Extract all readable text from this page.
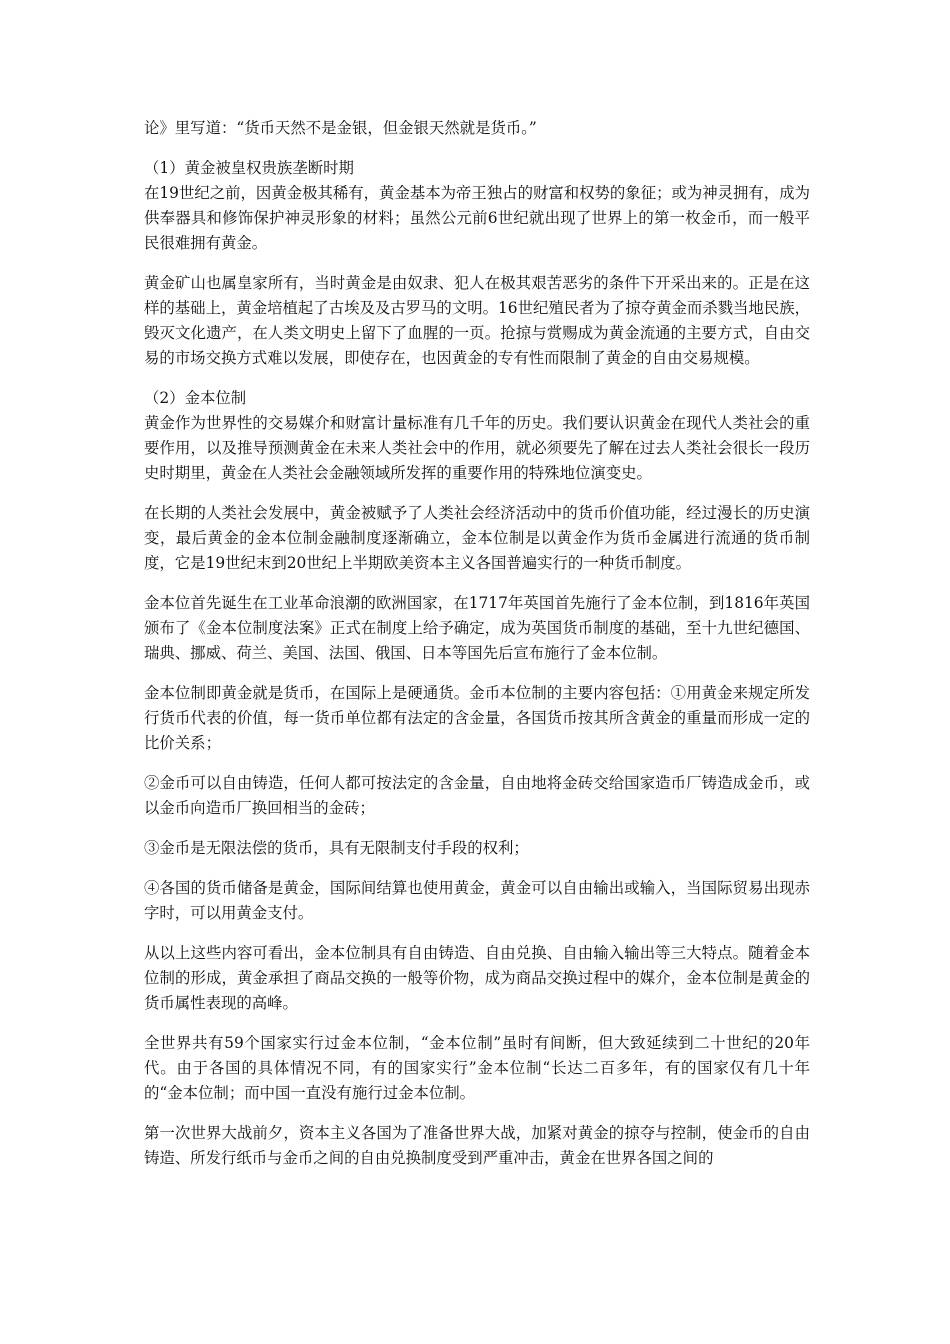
论》里写道：“货币天然不是金银，但金银天然就是货币。”

（1）黄金被皇权贵族垄断时期

在19世纪之前，因黄金极其稀有，黄金基本为帝王独占的财富和权势的象征；或为神灵拥有，成为供奉器具和修饰保护神灵形象的材料；虽然公元前6世纪就出现了世界上的第一枚金币，而一般平民很难拥有黄金。

黄金矿山也属皇家所有，当时黄金是由奴隶、犯人在极其艰苦恶劣的条件下开采出来的。正是在这样的基础上，黄金培植起了古埃及及古罗马的文明。16世纪殖民者为了掠夺黄金而杀戮当地民族，毁灭文化遗产，在人类文明史上留下了血腥的一页。抢掠与赏赐成为黄金流通的主要方式，自由交易的市场交换方式难以发展，即使存在，也因黄金的专有性而限制了黄金的自由交易规模。

（2）金本位制

黄金作为世界性的交易媒介和财富计量标准有几千年的历史。我们要认识黄金在现代人类社会的重要作用，以及推导预测黄金在未来人类社会中的作用，就必须要先了解在过去人类社会很长一段历史时期里，黄金在人类社会金融领域所发挥的重要作用的特殊地位演变史。

在长期的人类社会发展中，黄金被赋予了人类社会经济活动中的货币价值功能，经过漫长的历史演变，最后黄金的金本位制金融制度逐渐确立，金本位制是以黄金作为货币金属进行流通的货币制度，它是19世纪末到20世纪上半期欧美资本主义各国普遍实行的一种货币制度。

金本位首先诞生在工业革命浪潮的欧洲国家，在1717年英国首先施行了金本位制，到1816年英国颁布了《金本位制度法案》正式在制度上给予确定，成为英国货币制度的基础，至十九世纪德国、瑞典、挪威、荷兰、美国、法国、俄国、日本等国先后宣布施行了金本位制。

金本位制即黄金就是货币，在国际上是硬通货。金币本位制的主要内容包括：①用黄金来规定所发行货币代表的价值，每一货币单位都有法定的含金量，各国货币按其所含黄金的重量而形成一定的比价关系；

②金币可以自由铸造，任何人都可按法定的含金量，自由地将金砖交给国家造币厂铸造成金币，或以金币向造币厂换回相当的金砖；

③金币是无限法偿的货币，具有无限制支付手段的权利；

④各国的货币储备是黄金，国际间结算也使用黄金，黄金可以自由输出或输入，当国际贸易出现赤字时，可以用黄金支付。

从以上这些内容可看出，金本位制具有自由铸造、自由兑换、自由输入输出等三大特点。随着金本位制的形成，黄金承担了商品交换的一般等价物，成为商品交换过程中的媒介，金本位制是黄金的货币属性表现的高峰。

全世界共有59个国家实行过金本位制，“金本位制”虽时有间断，但大致延续到二十世纪的20年代。由于各国的具体情况不同，有的国家实行”金本位制“长达二百多年，有的国家仅有几十年的“金本位制；而中国一直没有施行过金本位制。

第一次世界大战前夕，资本主义各国为了准备世界大战，加紧对黄金的掠夺与控制，使金币的自由铸造、所发行纸币与金币之间的自由兑换制度受到严重冲击，黄金在世界各国之间的
